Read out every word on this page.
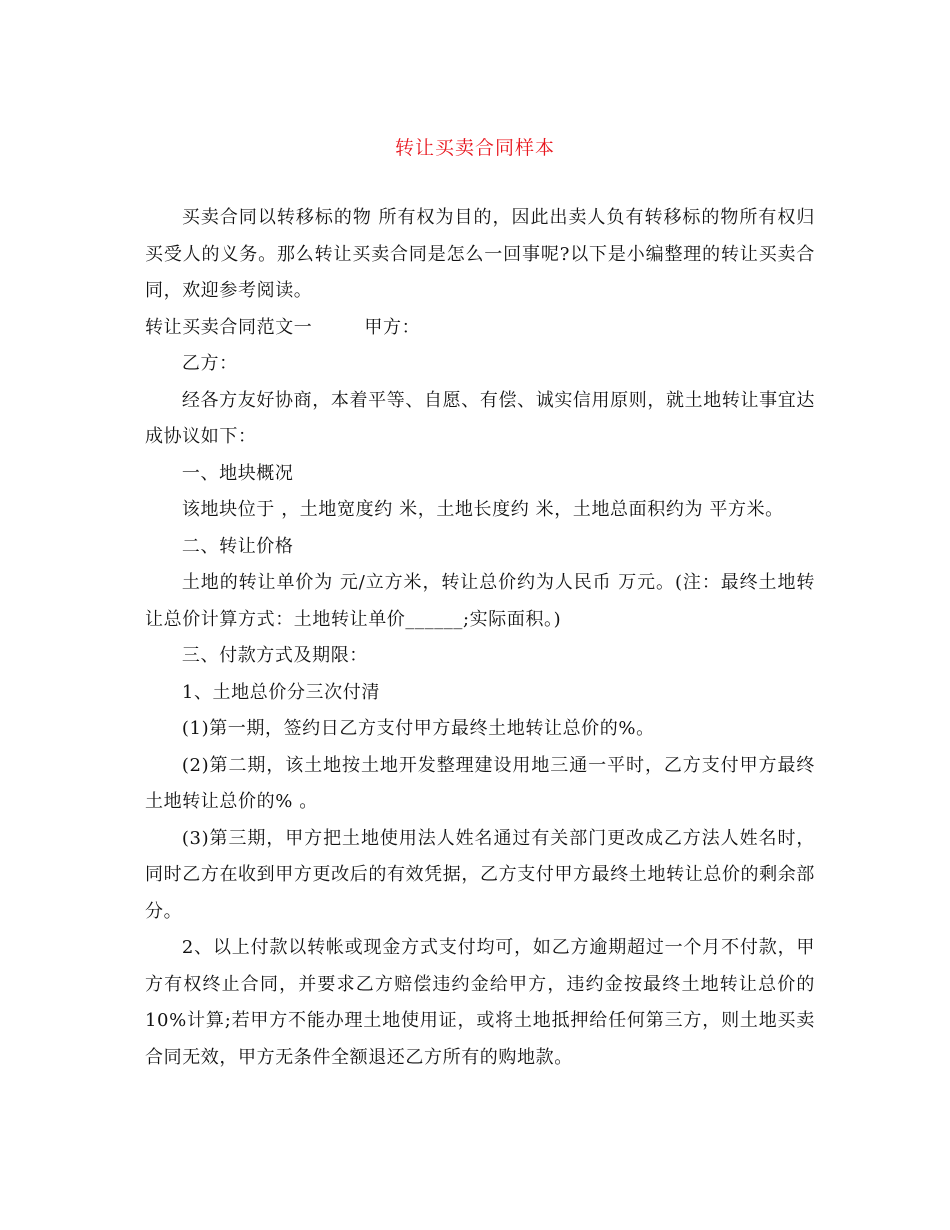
转让买卖合同样本

买卖合同以转移标的物 所有权为目的，因此出卖人负有转移标的物所有权归买受人的义务。那么转让买卖合同是怎么一回事呢?以下是小编整理的转让买卖合同，欢迎参考阅读。

转让买卖合同范文一	甲方：

乙方：

经各方友好协商，本着平等、自愿、有偿、诚实信用原则，就土地转让事宜达成协议如下：

一、地块概况

该地块位于 ，土地宽度约 米，土地长度约 米，土地总面积约为 平方米。

二、转让价格

土地的转让单价为 元/立方米，转让总价约为人民币 万元。(注：最终土地转让总价计算方式：土地转让单价______;实际面积。)

三、付款方式及期限：

1、土地总价分三次付清

(1)第一期，签约日乙方支付甲方最终土地转让总价的%。

(2)第二期，该土地按土地开发整理建设用地三通一平时，乙方支付甲方最终土地转让总价的% 。

(3)第三期，甲方把土地使用法人姓名通过有关部门更改成乙方法人姓名时，同时乙方在收到甲方更改后的有效凭据，乙方支付甲方最终土地转让总价的剩余部分。

2、以上付款以转帐或现金方式支付均可，如乙方逾期超过一个月不付款，甲方有权终止合同，并要求乙方赔偿违约金给甲方，违约金按最终土地转让总价的10%计算;若甲方不能办理土地使用证，或将土地抵押给任何第三方，则土地买卖合同无效，甲方无条件全额退还乙方所有的购地款。
